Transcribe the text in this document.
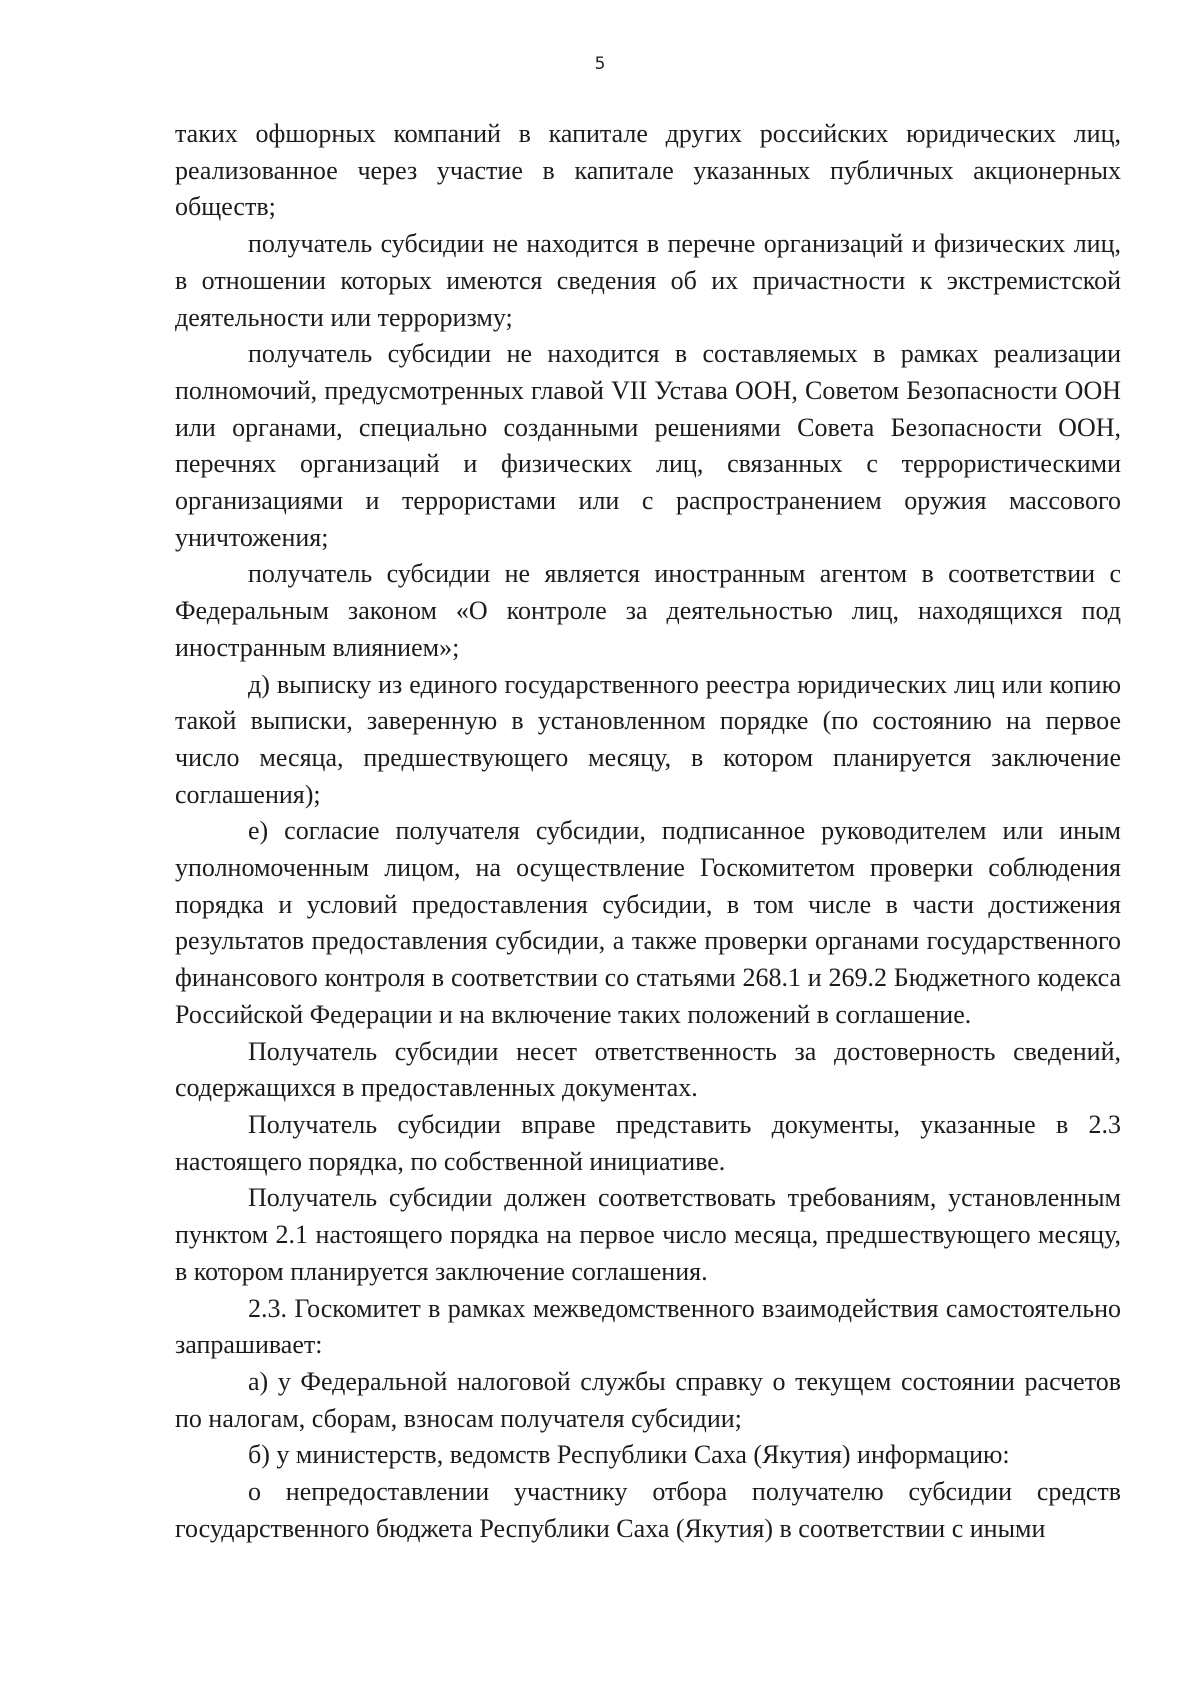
5

таких офшорных компаний в капитале других российских юридических лиц, реализованное через участие в капитале указанных публичных акционерных обществ;

получатель субсидии не находится в перечне организаций и физических лиц, в отношении которых имеются сведения об их причастности к экстремистской деятельности или терроризму;

получатель субсидии не находится в составляемых в рамках реализации полномочий, предусмотренных главой VII Устава ООН, Советом Безопасности ООН или органами, специально созданными решениями Совета Безопасности ООН, перечнях организаций и физических лиц, связанных с террористическими организациями и террористами или с распространением оружия массового уничтожения;

получатель субсидии не является иностранным агентом в соответствии с Федеральным законом «О контроле за деятельностью лиц, находящихся под иностранным влиянием»;

д) выписку из единого государственного реестра юридических лиц или копию такой выписки, заверенную в установленном порядке (по состоянию на первое число месяца, предшествующего месяцу, в котором планируется заключение соглашения);

е) согласие получателя субсидии, подписанное руководителем или иным уполномоченным лицом, на осуществление Госкомитетом проверки соблюдения порядка и условий предоставления субсидии, в том числе в части достижения результатов предоставления субсидии, а также проверки органами государственного финансового контроля в соответствии со статьями 268.1 и 269.2 Бюджетного кодекса Российской Федерации и на включение таких положений в соглашение.

Получатель субсидии несет ответственность за достоверность сведений, содержащихся в предоставленных документах.

Получатель субсидии вправе представить документы, указанные в 2.3 настоящего порядка, по собственной инициативе.

Получатель субсидии должен соответствовать требованиям, установленным пунктом 2.1 настоящего порядка на первое число месяца, предшествующего месяцу, в котором планируется заключение соглашения.

2.3. Госкомитет в рамках межведомственного взаимодействия самостоятельно запрашивает:

а) у Федеральной налоговой службы справку о текущем состоянии расчетов по налогам, сборам, взносам получателя субсидии;

б) у министерств, ведомств Республики Саха (Якутия) информацию:

о непредоставлении участнику отбора получателю субсидии средств государственного бюджета Республики Саха (Якутия) в соответствии с иными
